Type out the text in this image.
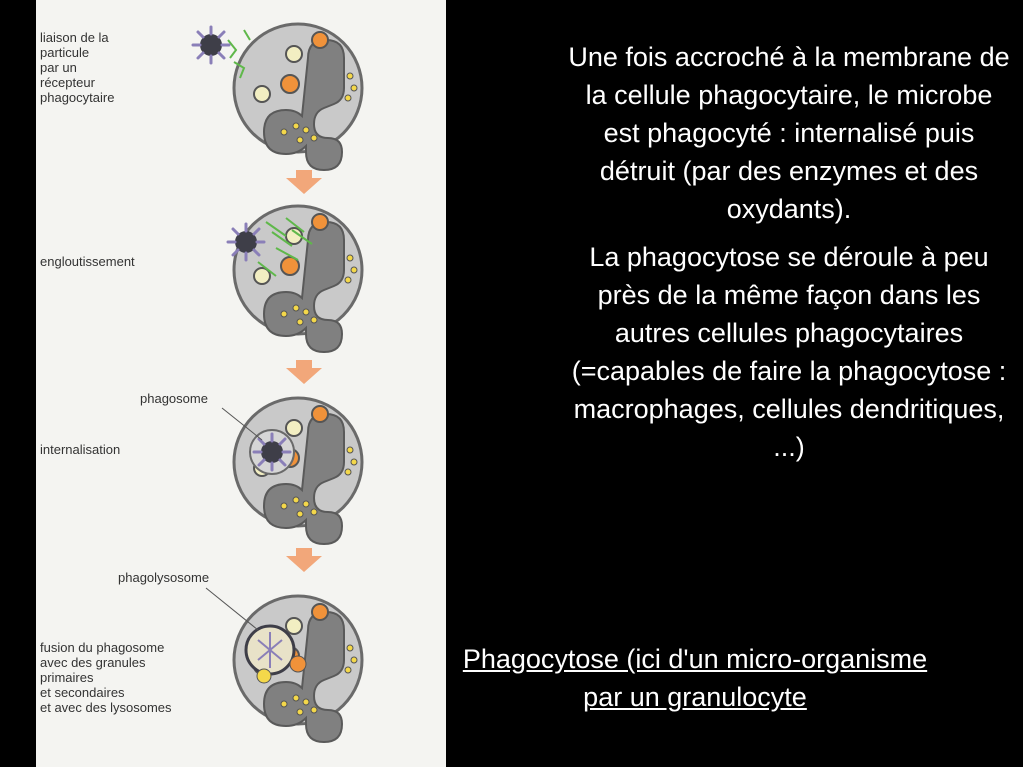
liaison de la
particule
par un
récepteur
phagocytaire
engloutissement
internalisation
fusion du phagosome
avec des granules
primaires
et secondaires
et avec des lysosomes
phagosome
phagolysosome

Une fois accroché à la membrane de la cellule phagocytaire, le microbe est phagocyté : internalisé puis détruit (par des enzymes et des oxydants).

La phagocytose se déroule à peu près de la même façon dans les autres cellules phagocytaires (=capables de faire la phagocytose : macrophages, cellules dendritiques, ...)

Phagocytose (ici d'un micro-organisme par un granulocyte
